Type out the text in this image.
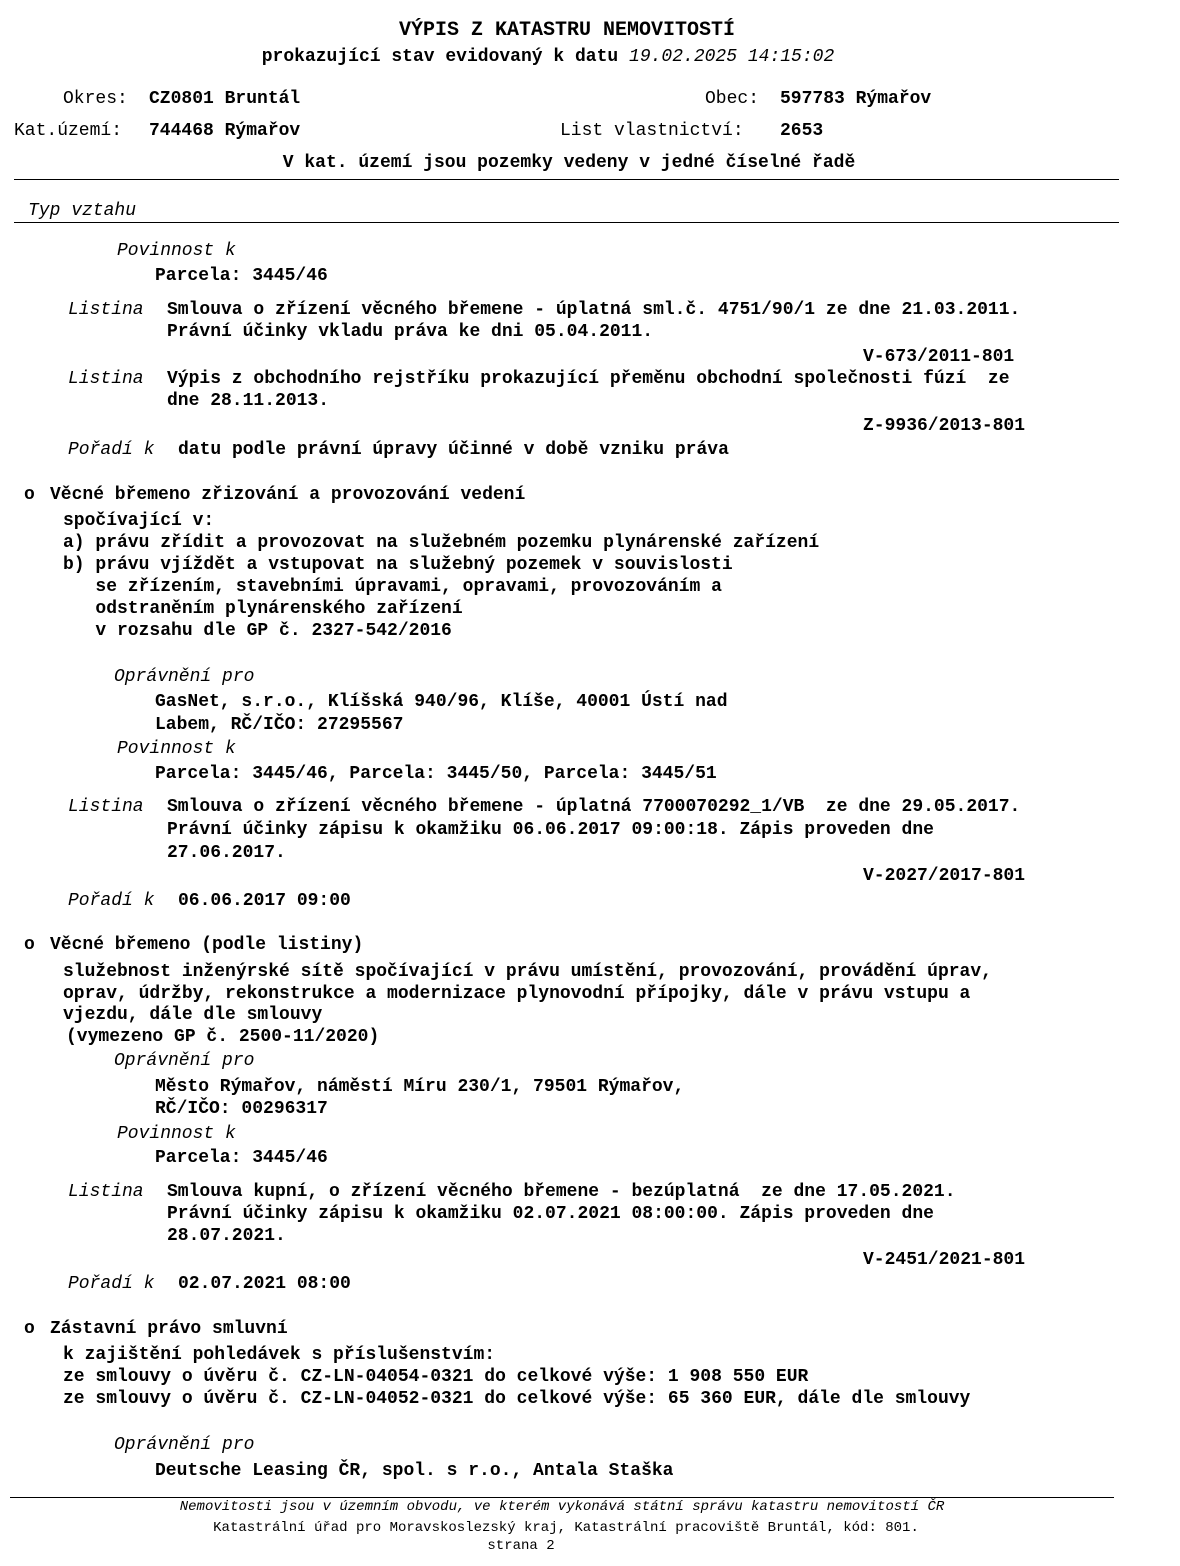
VÝPIS Z KATASTRU NEMOVITOSTÍ
prokazující stav evidovaný k datu 19.02.2025 14:15:02
Okres: CZ0801 Bruntál	Obec: 597783 Rýmařov
Kat.území: 744468 Rýmařov	List vlastnictví: 2653
V kat. území jsou pozemky vedeny v jedné číselné řadě
Typ vztahu
Povinnost k
Parcela: 3445/46
Listina Smlouva o zřízení věcného břemene - úplatná sml.č. 4751/90/1 ze dne 21.03.2011.
Právní účinky vkladu práva ke dni 05.04.2011.
V-673/2011-801
Listina Výpis z obchodního rejstříku prokazující přeměnu obchodní společnosti fúzí  ze
dne 28.11.2013.
Z-9936/2013-801
Pořadí k datu podle právní úpravy účinné v době vzniku práva
o Věcné břemeno zřizování a provozování vedení
spočívající v:
a) právu zřídit a provozovat na služebném pozemku plynárenské zařízení
b) právu vjíždět a vstupovat na služebný pozemek v souvislosti
se zřízením, stavebními úpravami, opravami, provozováním a
odstraněním plynárenského zařízení
v rozsahu dle GP č. 2327-542/2016
Oprávnění pro
GasNet, s.r.o., Klíšská 940/96, Klíše, 40001 Ústí nad
Labem, RČ/IČO: 27295567
Povinnost k
Parcela: 3445/46, Parcela: 3445/50, Parcela: 3445/51
Listina Smlouva o zřízení věcného břemene - úplatná 7700070292_1/VB  ze dne 29.05.2017.
Právní účinky zápisu k okamžiku 06.06.2017 09:00:18. Zápis proveden dne
27.06.2017.
V-2027/2017-801
Pořadí k 06.06.2017 09:00
o Věcné břemeno (podle listiny)
služebnost inženýrské sítě spočívající v právu umístění, provozování, provádění úprav,
oprav, údržby, rekonstrukce a modernizace plynovodní přípojky, dále v právu vstupu a
vjezdu, dále dle smlouvy
(vymezeno GP č. 2500-11/2020)
Oprávnění pro
Město Rýmařov, náměstí Míru 230/1, 79501 Rýmařov,
RČ/IČO: 00296317
Povinnost k
Parcela: 3445/46
Listina Smlouva kupní, o zřízení věcného břemene - bezúplatná  ze dne 17.05.2021.
Právní účinky zápisu k okamžiku 02.07.2021 08:00:00. Zápis proveden dne
28.07.2021.
V-2451/2021-801
Pořadí k 02.07.2021 08:00
o Zástavní právo smluvní
k zajištění pohledávek s příslušenstvím:
ze smlouvy o úvěru č. CZ-LN-04054-0321 do celkové výše: 1 908 550 EUR
ze smlouvy o úvěru č. CZ-LN-04052-0321 do celkové výše: 65 360 EUR, dále dle smlouvy
Oprávnění pro
Deutsche Leasing ČR, spol. s r.o., Antala Staška
Nemovitosti jsou v územním obvodu, ve kterém vykonává státní správu katastru nemovitostí ČR
Katastrální úřad pro Moravskoslezský kraj, Katastrální pracoviště Bruntál, kód: 801.
strana 2
